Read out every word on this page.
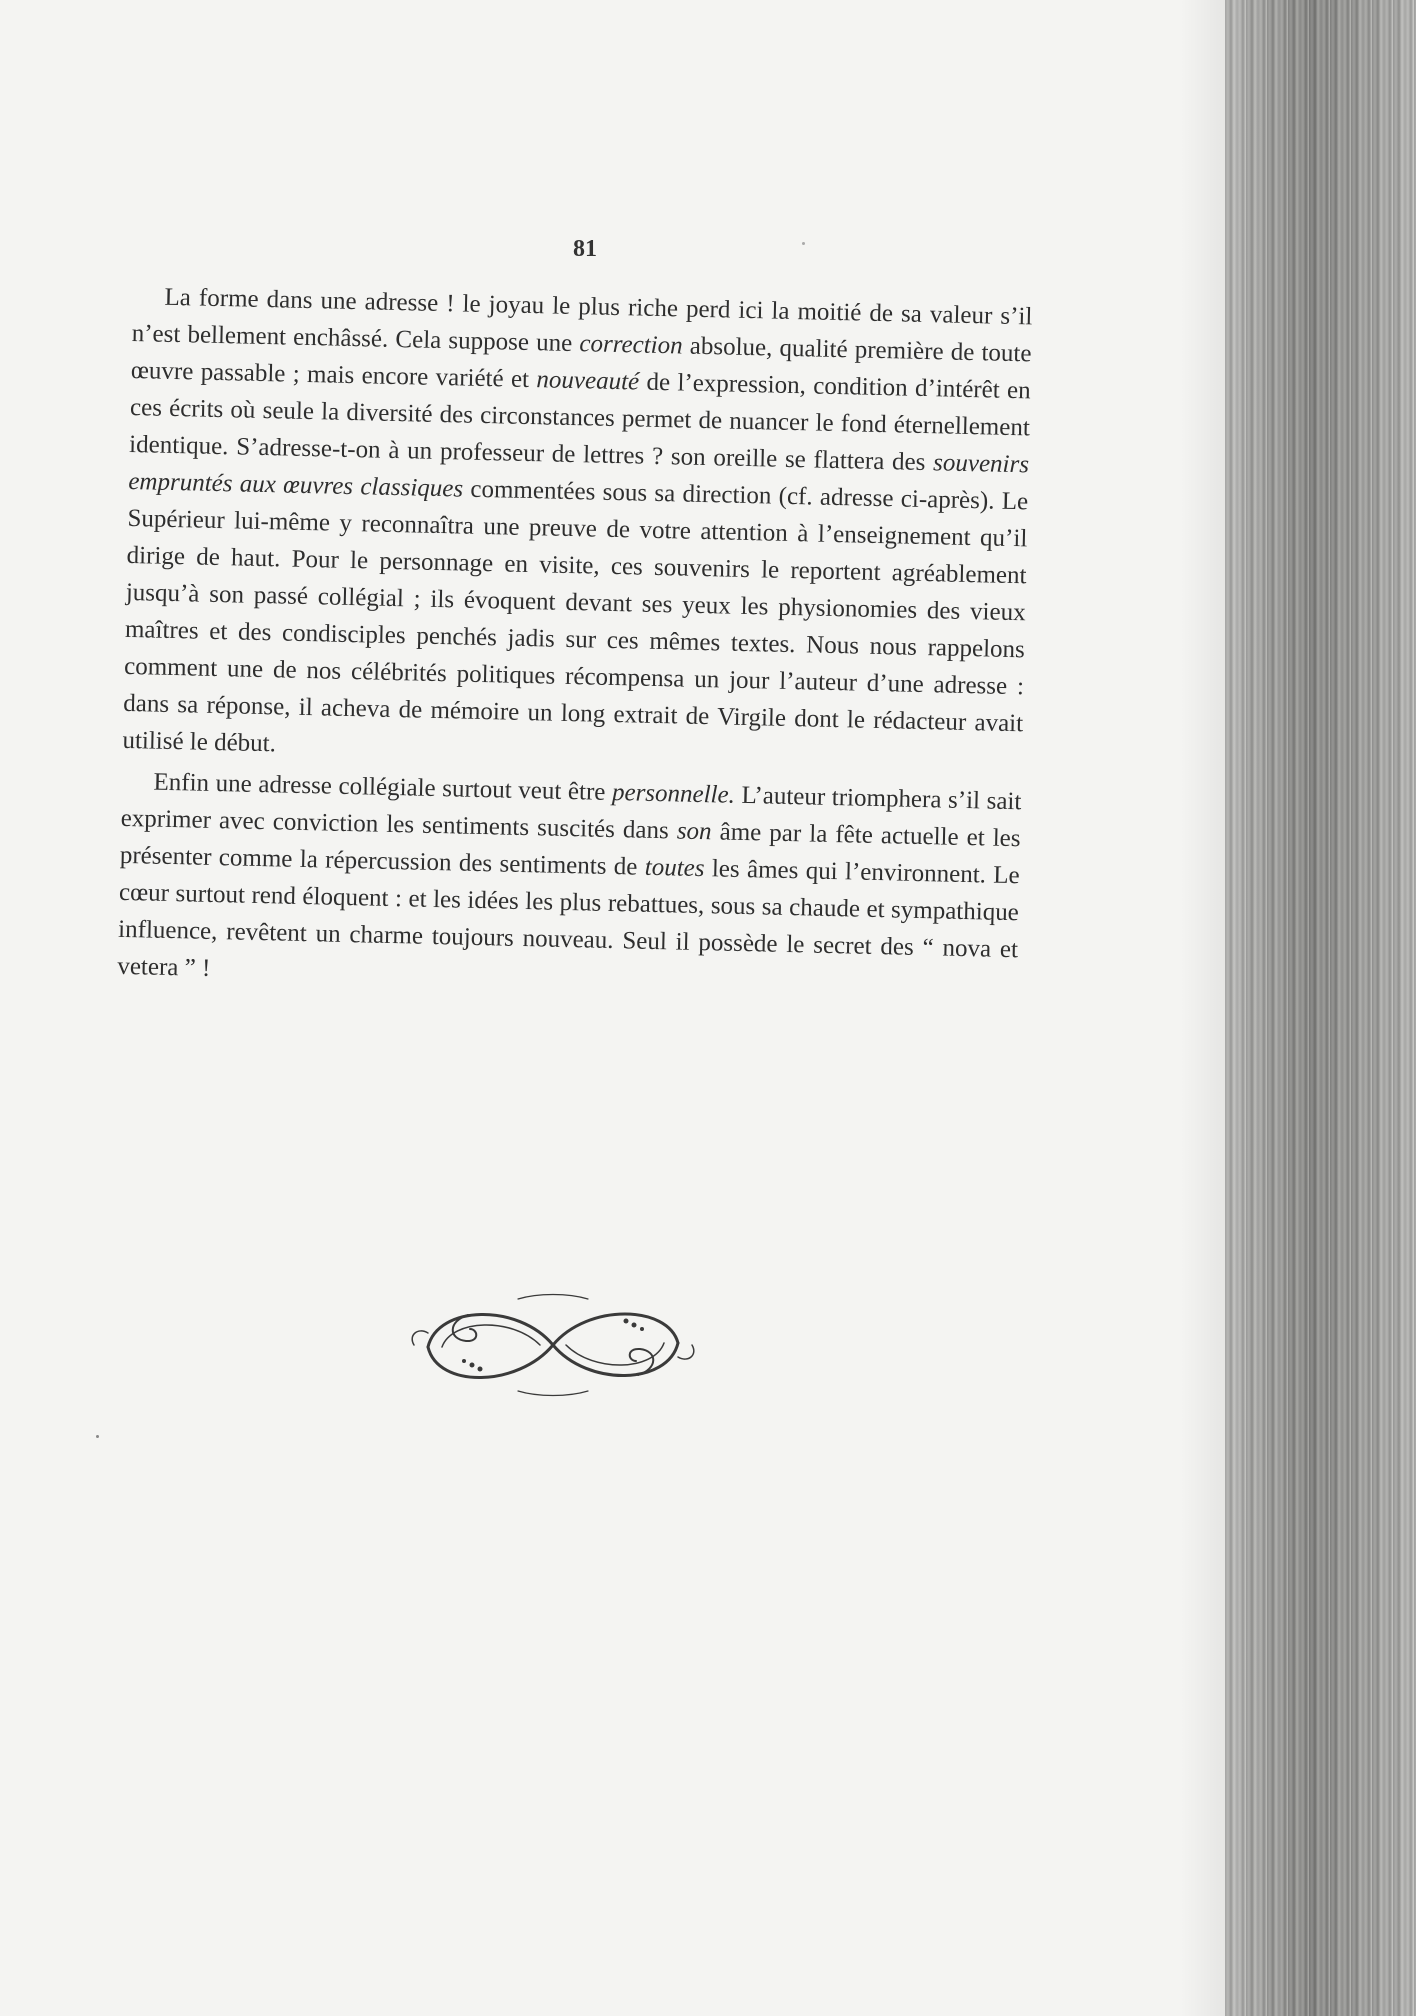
81

La forme dans une adresse ! le joyau le plus riche perd ici la moitié de sa valeur s’il n’est bellement enchâssé. Cela suppose une correction absolue, qualité première de toute œuvre passable ; mais encore variété et nouveauté de l’expression, condition d’intérêt en ces écrits où seule la diversité des circonstances permet de nuancer le fond éternellement identique. S’adresse-t-on à un professeur de lettres ? son oreille se flattera des souvenirs empruntés aux œuvres classiques commentées sous sa direction (cf. adresse ci-après). Le Supérieur lui-même y reconnaîtra une preuve de votre attention à l’enseignement qu’il dirige de haut. Pour le personnage en visite, ces souvenirs le reportent agréablement jusqu’à son passé collégial ; ils évoquent devant ses yeux les physionomies des vieux maîtres et des condisciples penchés jadis sur ces mêmes textes. Nous nous rappelons comment une de nos célébrités politiques récompensa un jour l’auteur d’une adresse : dans sa réponse, il acheva de mémoire un long extrait de Virgile dont le rédacteur avait utilisé le début.

Enfin une adresse collégiale surtout veut être personnelle. L’auteur triomphera s’il sait exprimer avec conviction les sentiments suscités dans son âme par la fête actuelle et les présenter comme la répercussion des sentiments de toutes les âmes qui l’environnent. Le cœur surtout rend éloquent : et les idées les plus rebattues, sous sa chaude et sympathique influence, revêtent un charme toujours nouveau. Seul il possède le secret des “ nova et vetera ” !
